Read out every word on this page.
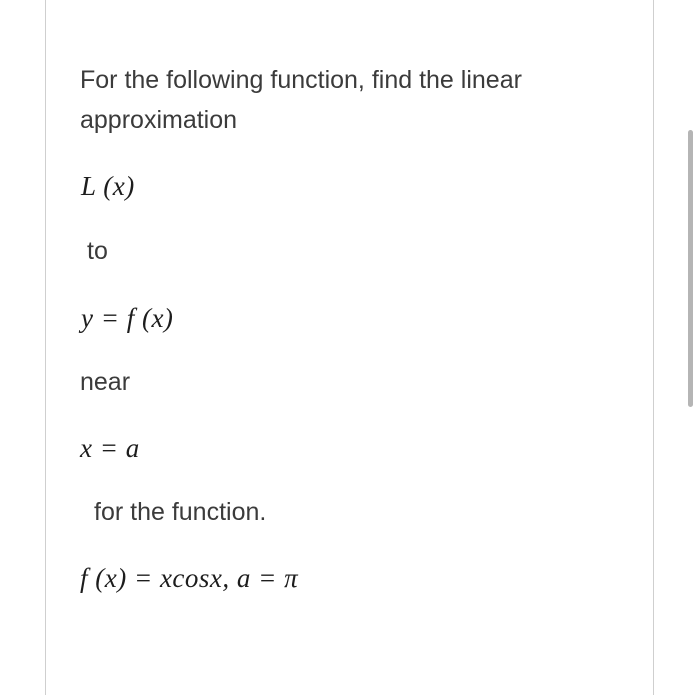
For the following function, find the linear
approximation
L (x)
to
y = f (x)
near
x = a
for the function.
f (x) = xcosx, a = π
